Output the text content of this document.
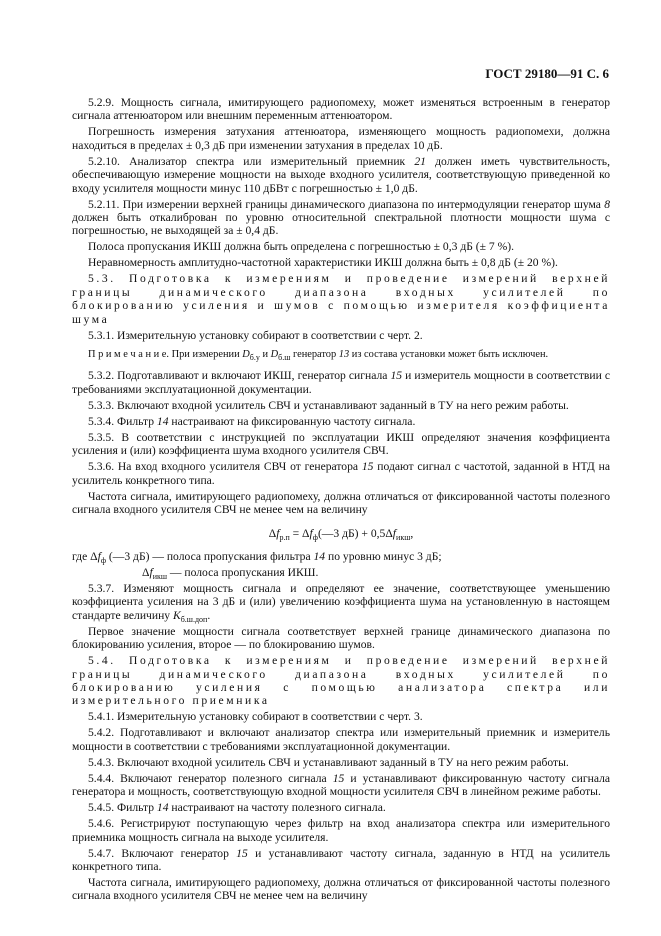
ГОСТ 29180—91 С. 6

5.2.9. Мощность сигнала, имитирующего радиопомеху, может изменяться встроенным в генератор сигнала аттенюатором или внешним переменным аттенюатором.

Погрешность измерения затухания аттенюатора, изменяющего мощность радиопомехи, должна находиться в пределах ± 0,3 дБ при изменении затухания в пределах 10 дБ.

5.2.10. Анализатор спектра или измерительный приемник 21 должен иметь чувствительность, обеспечивающую измерение мощности на выходе входного усилителя, соответствующую приведенной ко входу усилителя мощности минус 110 дБВт с погрешностью ± 1,0 дБ.

5.2.11. При измерении верхней границы динамического диапазона по интермодуляции генератор шума 8 должен быть откалиброван по уровню относительной спектральной плотности мощности шума с погрешностью, не выходящей за ± 0,4 дБ.

Полоса пропускания ИКШ должна быть определена с погрешностью ± 0,3 дБ (± 7 %).

Неравномерность амплитудно-частотной характеристики ИКШ должна быть ± 0,8 дБ (± 20 %).

5.3. Подготовка к измерениям и проведение измерений верхней границы динамического диапазона входных усилителей по блокированию усиления и шумов с помощью измерителя коэффициента шума

5.3.1. Измерительную установку собирают в соответствии с черт. 2.

П р и м е ч а н и е. При измерении $D_{б.у}$ и $D_{б.ш}$ генератор 13 из состава установки может быть исключен.

5.3.2. Подготавливают и включают ИКШ, генератор сигнала 15 и измеритель мощности в соответствии с требованиями эксплуатационной документации.

5.3.3. Включают входной усилитель СВЧ и устанавливают заданный в ТУ на него режим работы.

5.3.4. Фильтр 14 настраивают на фиксированную частоту сигнала.

5.3.5. В соответствии с инструкцией по эксплуатации ИКШ определяют значения коэффициента усиления и (или) коэффициента шума входного усилителя СВЧ.

5.3.6. На вход входного усилителя СВЧ от генератора 15 подают сигнал с частотой, заданной в НТД на усилитель конкретного типа.

Частота сигнала, имитирующего радиопомеху, должна отличаться от фиксированной частоты полезного сигнала входного усилителя СВЧ не менее чем на величину

$\Delta f_{р.п}$ = $\Delta f_ф(—3$ $дБ) + 0,5\Delta f_{икш}$,

где $\Delta f_ф$ (—3 дБ) — полоса пропускания фильтра 14 по уровню минус 3 дБ;

$\Delta f_{икш}$ — полоса пропускания ИКШ.

5.3.7. Изменяют мощность сигнала и определяют ее значение, соответствующее уменьшению коэффициента усиления на 3 дБ и (или) увеличению коэффициента шума на установленную в настоящем стандарте величину $K_{б.ш.доп}$.

Первое значение мощности сигнала соответствует верхней границе динамического диапазона по блокированию усиления, второе — по блокированию шумов.

5.4. Подготовка к измерениям и проведение измерений верхней границы динамического диапазона входных усилителей по блокированию усиления с помощью анализатора спектра или измерительного приемника

5.4.1. Измерительную установку собирают в соответствии с черт. 3.

5.4.2. Подготавливают и включают анализатор спектра или измерительный приемник и измеритель мощности в соответствии с требованиями эксплуатационной документации.

5.4.3. Включают входной усилитель СВЧ и устанавливают заданный в ТУ на него режим работы.

5.4.4. Включают генератор полезного сигнала 15 и устанавливают фиксированную частоту сигнала генератора и мощность, соответствующую входной мощности усилителя СВЧ в линейном режиме работы.

5.4.5. Фильтр 14 настраивают на частоту полезного сигнала.

5.4.6. Регистрируют поступающую через фильтр на вход анализатора спектра или измерительного приемника мощность сигнала на выходе усилителя.

5.4.7. Включают генератор 15 и устанавливают частоту сигнала, заданную в НТД на усилитель конкретного типа.

Частота сигнала, имитирующего радиопомеху, должна отличаться от фиксированной частоты полезного сигнала входного усилителя СВЧ не менее чем на величину
